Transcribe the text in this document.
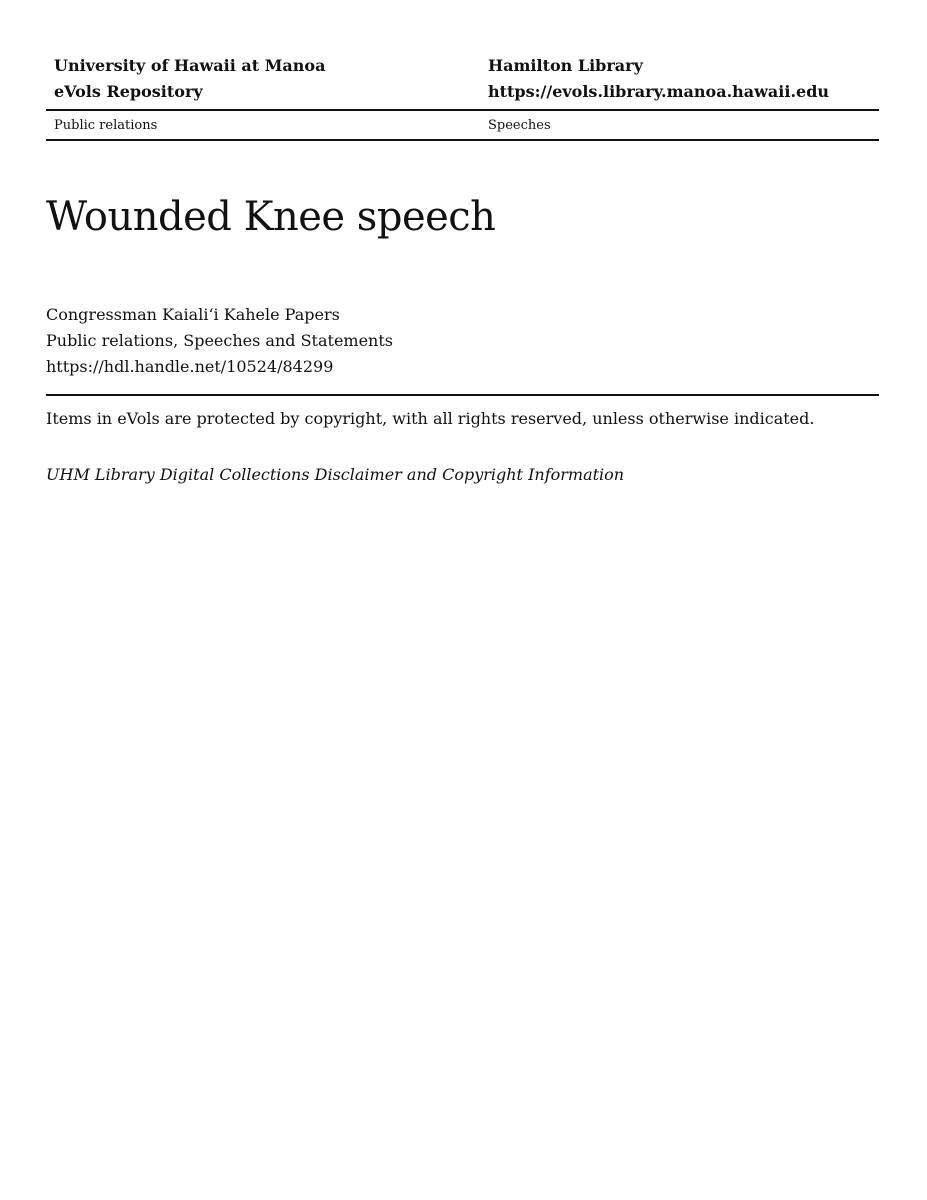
University of Hawaii at Manoa	Hamilton Library
eVols Repository	https://evols.library.manoa.hawaii.edu
Public relations	Speeches
Wounded Knee speech
Congressman Kaiali‘i Kahele Papers
Public relations, Speeches and Statements
https://hdl.handle.net/10524/84299
Items in eVols are protected by copyright, with all rights reserved, unless otherwise indicated.
UHM Library Digital Collections Disclaimer and Copyright Information
